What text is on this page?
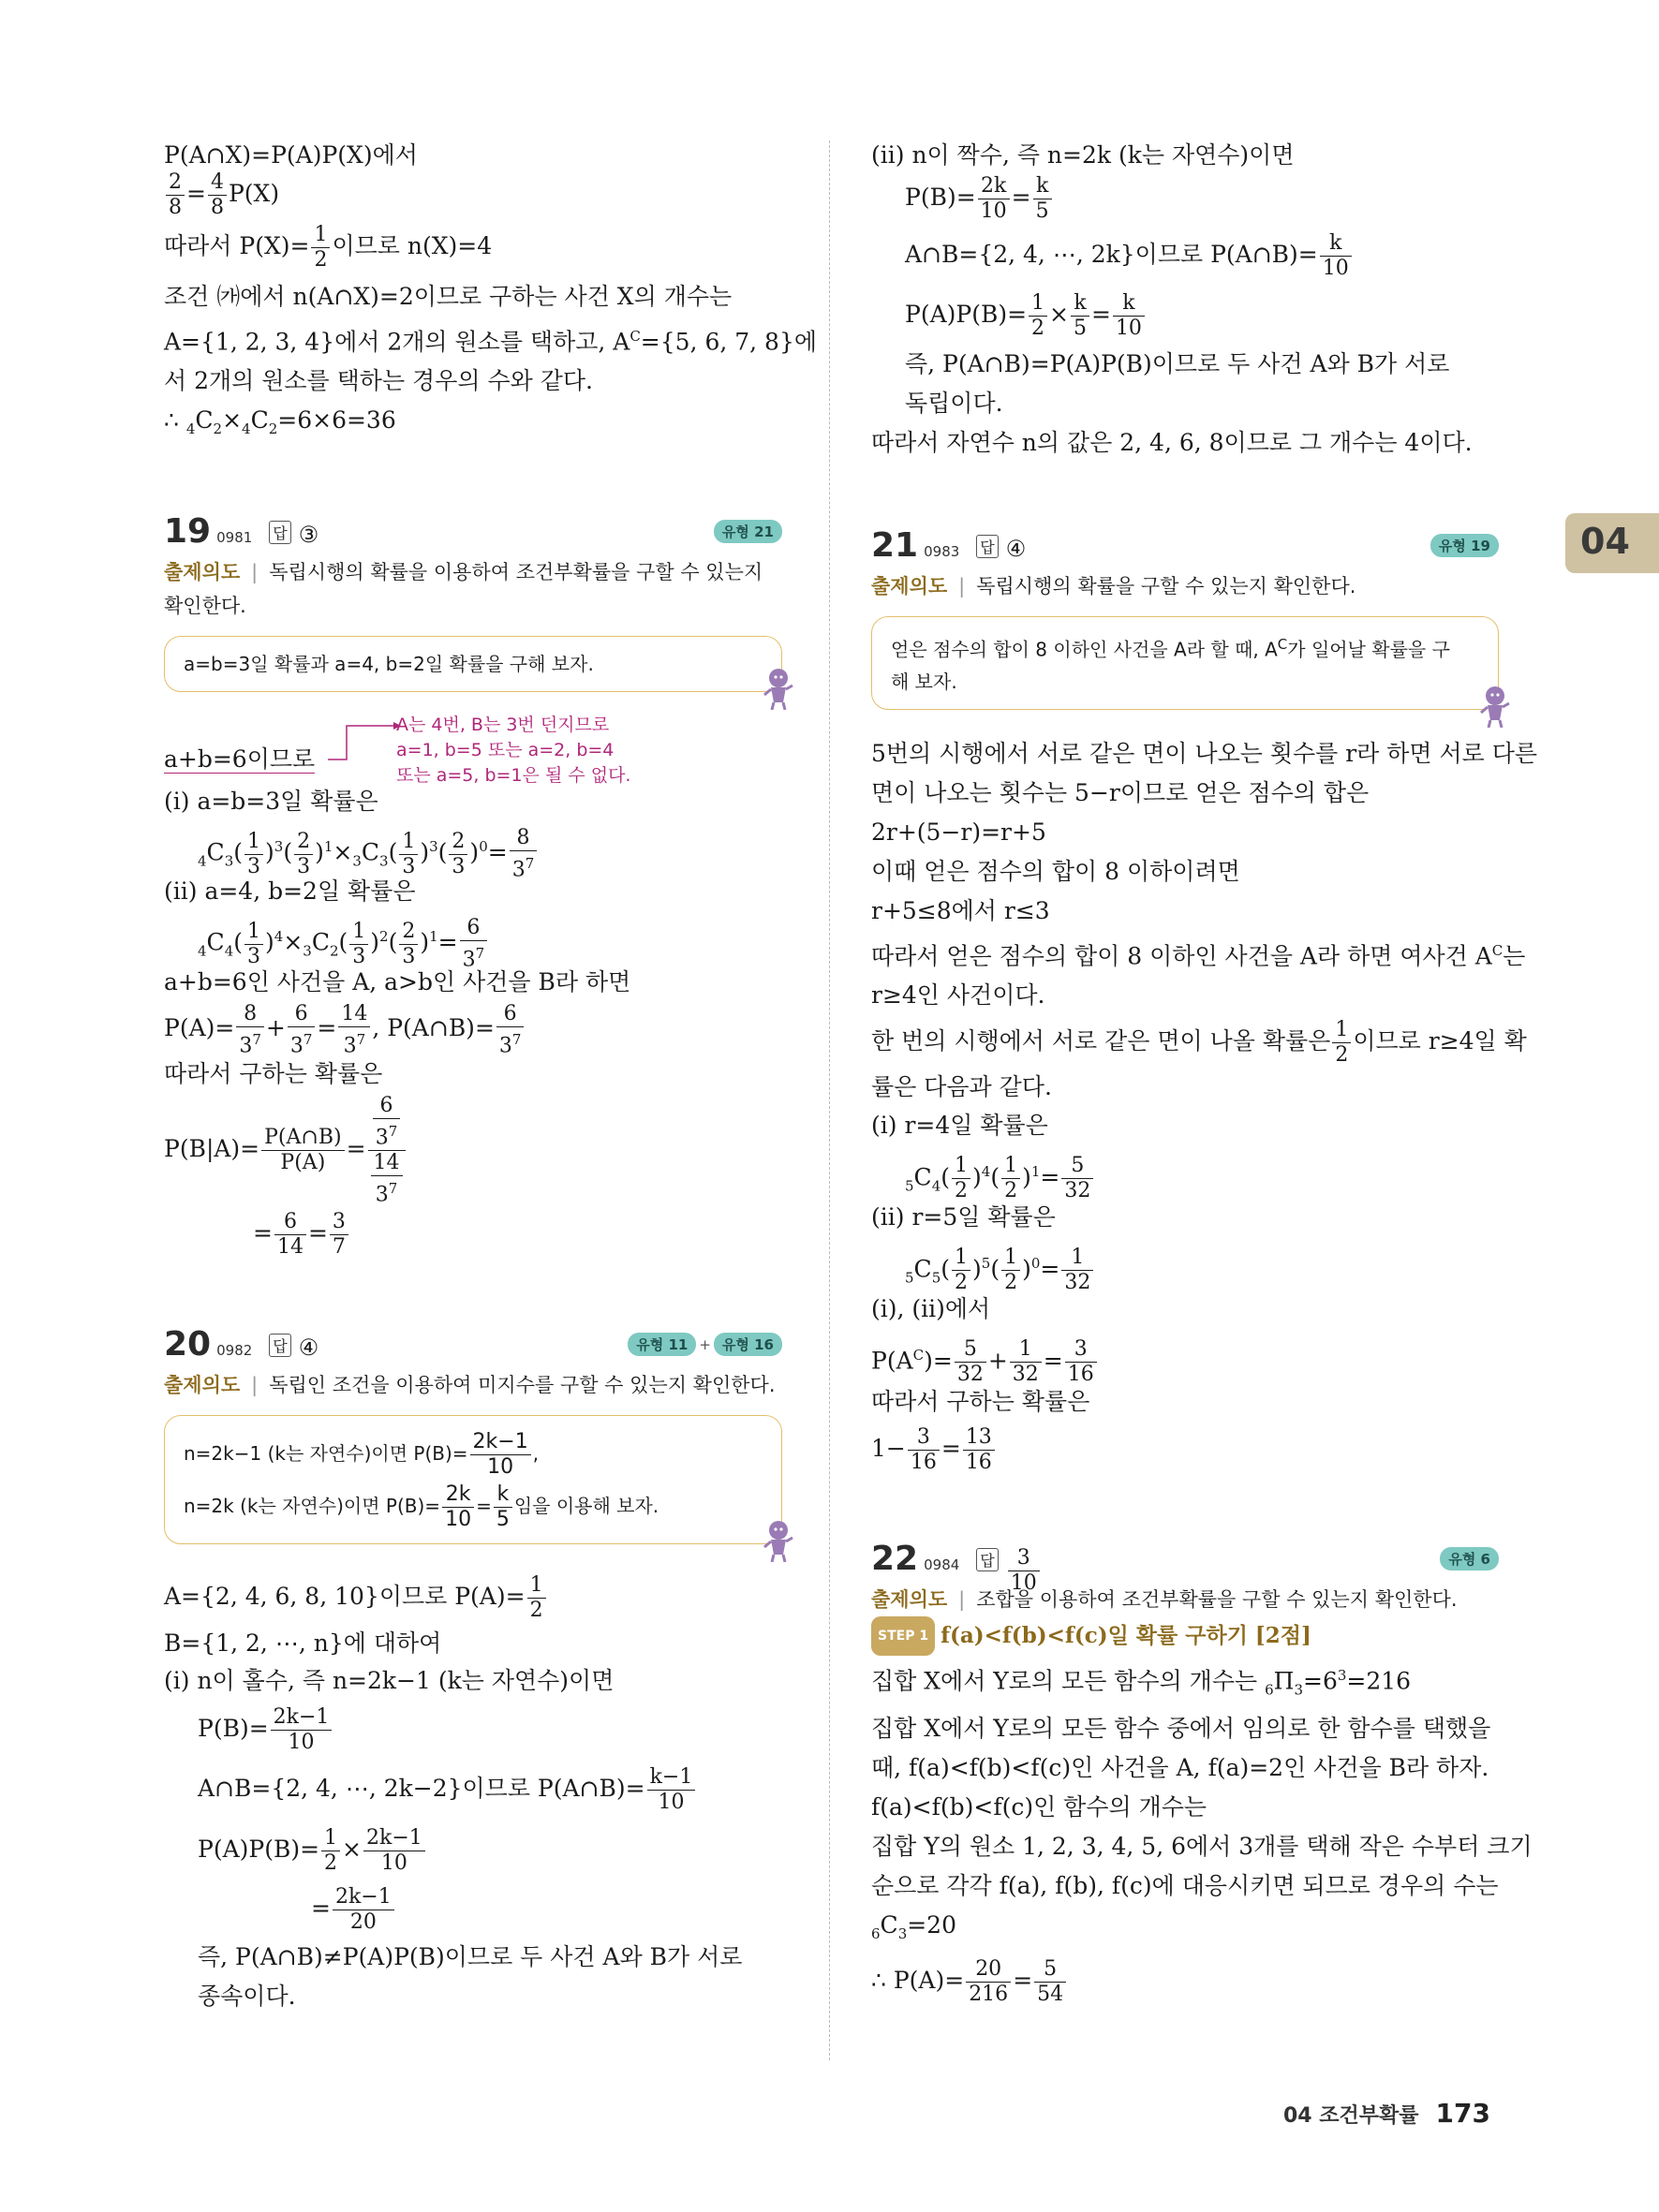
04
P(A∩X)=P(A)P(X)에서
$\frac{2}{8} = \frac{4}{8} P(X)$
따라서 $P(X)= \frac{1}{2}$ 이므로 n(X)=4
조건 ㈎에서 n(A∩X)=2이므로 구하는 사건 X의 개수는
A={1, 2, 3, 4}에서 2개의 원소를 택하고, $A^C=\{5$, 6, 7, 8}에
서 2개의 원소를 택하는 경우의 수와 같다.
∴ $_4C_2\times_4C_2=6\times 6=36$
19 0981 답 ③	유형 21
출제의도 | 독립시행의 확률을 이용하여 조건부확률을 구할 수 있는지 확인한다.
a=b=3일 확률과 a=4, b=2일 확률을 구해 보자.
a+b=6이므로
A는 4번, B는 3번 던지므로
a=1, b=5 또는 a=2, b=4
또는 a=5, b=1은 될 수 없다.
(ⅰ) a=b=3일 확률은
$_4C_3( \frac{1}{3} )^3( \frac{2}{3} )^1\times_3C_3( \frac{1}{3} )^3( \frac{2}{3} )^0= \frac{8}{3^7}$
(ⅱ) a=4, b=2일 확률은
$_4C_4( \frac{1}{3} )^4\times_3C_2( \frac{1}{3} )^2( \frac{2}{3} )^1= \frac{6}{3^7}$
a+b=6인 사건을 A, a>b인 사건을 B라 하면
$P(A)= \frac{8}{3^7} + \frac{6}{3^7} = \frac{14}{3^7}$ , P(A∩B)= $\frac{6}{3^7}$
따라서 구하는 확률은
$P(B|A)= \frac{P(A\cap B)}{P(A)} = \frac{\frac{6}{3^7}}{\frac{14}{3^7}}$
= $\frac{6}{14} = \frac{3}{7}$
20 0982 답 ④	유형 11 + 유형 16
출제의도 | 독립인 조건을 이용하여 미지수를 구할 수 있는지 확인한다.
n=2k−1 (k는 자연수)이면 $P(B)= \frac{2k-1}{10}$ ,
n=2k (k는 자연수)이면 $P(B)= \frac{2k}{10} = \frac{k}{5}$ 임을 이용해 보자.
A={2, 4, 6, 8, 10}이므로 $P(A)= \frac{1}{2}$
B={1, 2, ⋯, n}에 대하여
(ⅰ) n이 홀수, 즉 n=2k−1 (k는 자연수)이면
$P(B)= \frac{2k-1}{10}$
A∩B={2, 4, ⋯, 2k−2}이므로 P(A∩B)= $\frac{k-1}{10}$
$P(A)P(B)= \frac{1}{2} \times \frac{2k-1}{10}$
= $\frac{2k-1}{20}$
즉, P(A∩B)≠P(A)P(B)이므로 두 사건 A와 B가 서로
종속이다.
(ⅱ) n이 짝수, 즉 n=2k (k는 자연수)이면
$P(B)= \frac{2k}{10} = \frac{k}{5}$
A∩B={2, 4, ⋯, 2k}이므로 P(A∩B)= $\frac{k}{10}$
$P(A)P(B)= \frac{1}{2} \times \frac{k}{5} = \frac{k}{10}$
즉, P(A∩B)=P(A)P(B)이므로 두 사건 A와 B가 서로
독립이다.
따라서 자연수 n의 값은 2, 4, 6, 8이므로 그 개수는 4이다.
21 0983 답 ④	유형 19
출제의도 | 독립시행의 확률을 구할 수 있는지 확인한다.
얻은 점수의 합이 8 이하인 사건을 A라 할 때, $A^C$가 일어날 확률을 구
해 보자.
5번의 시행에서 서로 같은 면이 나오는 횟수를 r라 하면 서로 다른
면이 나오는 횟수는 5−r이므로 얻은 점수의 합은
2r+(5−r)=r+5
이때 얻은 점수의 합이 8 이하이려면
r+5≤8에서 r≤3
따라서 얻은 점수의 합이 8 이하인 사건을 A라 하면 여사건 $A^C$는
r≥4인 사건이다.
한 번의 시행에서 서로 같은 면이 나올 확률은 $\frac{1}{2}$ 이므로 r≥4일 확
률은 다음과 같다.
(ⅰ) r=4일 확률은
$_5C_4( \frac{1}{2} )^4( \frac{1}{2} )^1= \frac{5}{32}$
(ⅱ) r=5일 확률은
$_5C_5( \frac{1}{2} )^5( \frac{1}{2} )^0= \frac{1}{32}$
(ⅰ), (ⅱ)에서
$P(A^C)= \frac{5}{32} + \frac{1}{32} = \frac{3}{16}$
따라서 구하는 확률은
$1- \frac{3}{16} = \frac{13}{16}$
22 0984 답 $\frac{3}{10}$	유형 6
출제의도 | 조합을 이용하여 조건부확률을 구할 수 있는지 확인한다.
STEP 1 f(a)<f(b)<f(c)일 확률 구하기 [2점]
집합 X에서 Y로의 모든 함수의 개수는 $_6\Pi_3=6^3=216$
집합 X에서 Y로의 모든 함수 중에서 임의로 한 함수를 택했을
때, f(a)<f(b)<f(c)인 사건을 A, f(a)=2인 사건을 B라 하자.
f(a)<f(b)<f(c)인 함수의 개수는
집합 Y의 원소 1, 2, 3, 4, 5, 6에서 3개를 택해 작은 수부터 크기
순으로 각각 f(a), f(b), f(c)에 대응시키면 되므로 경우의 수는
$_6C_3=20$
∴ $P(A)= \frac{20}{216} = \frac{5}{54}$
04 조건부확률 173
